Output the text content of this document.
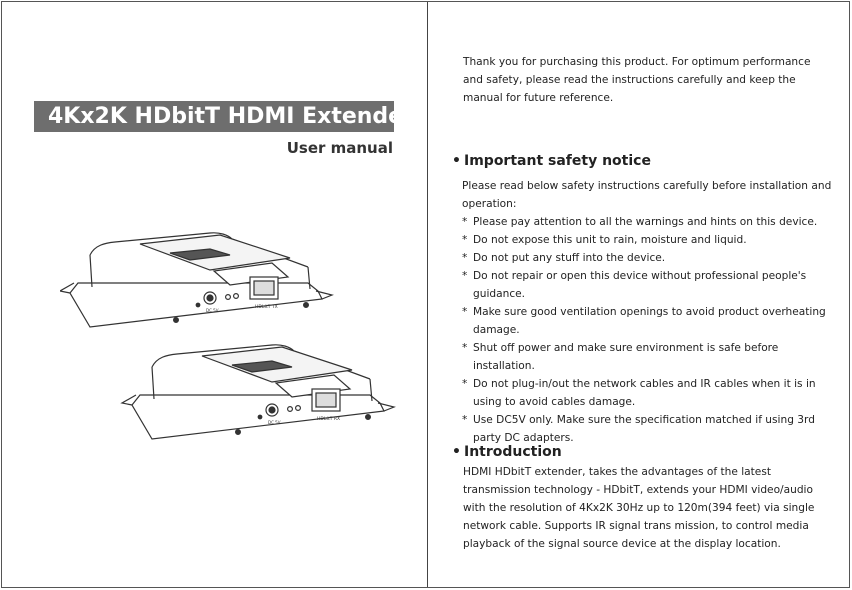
4Kx2K HDbitT HDMI Extender
User manual
HDbitT TX
DC 5V
HDbitT RX
DC 5V
Thank you for purchasing this product. For optimum performance and safety, please read the instructions carefully and keep the manual for future reference.
• Important safety notice
Please read below safety instructions carefully before installation and operation:
* Please pay attention to all the warnings and hints on this device.
* Do not expose this unit to rain, moisture and liquid.
* Do not put any stuff into the device.
* Do not repair or open this device without professional people's guidance.
* Make sure good ventilation openings to avoid product overheating damage.
* Shut off power and make sure environment is safe before installation.
* Do not plug-in/out the network cables and IR cables when it is in using to avoid cables damage.
* Use DC5V only. Make sure the specification matched if using 3rd party DC adapters.
• Introduction
HDMI HDbitT extender, takes the advantages of the latest transmission technology - HDbitT, extends your HDMI video/audio with the resolution of 4Kx2K 30Hz up to 120m(394 feet) via single network cable. Supports IR signal trans mission, to control media playback of the signal source device at the display location.
